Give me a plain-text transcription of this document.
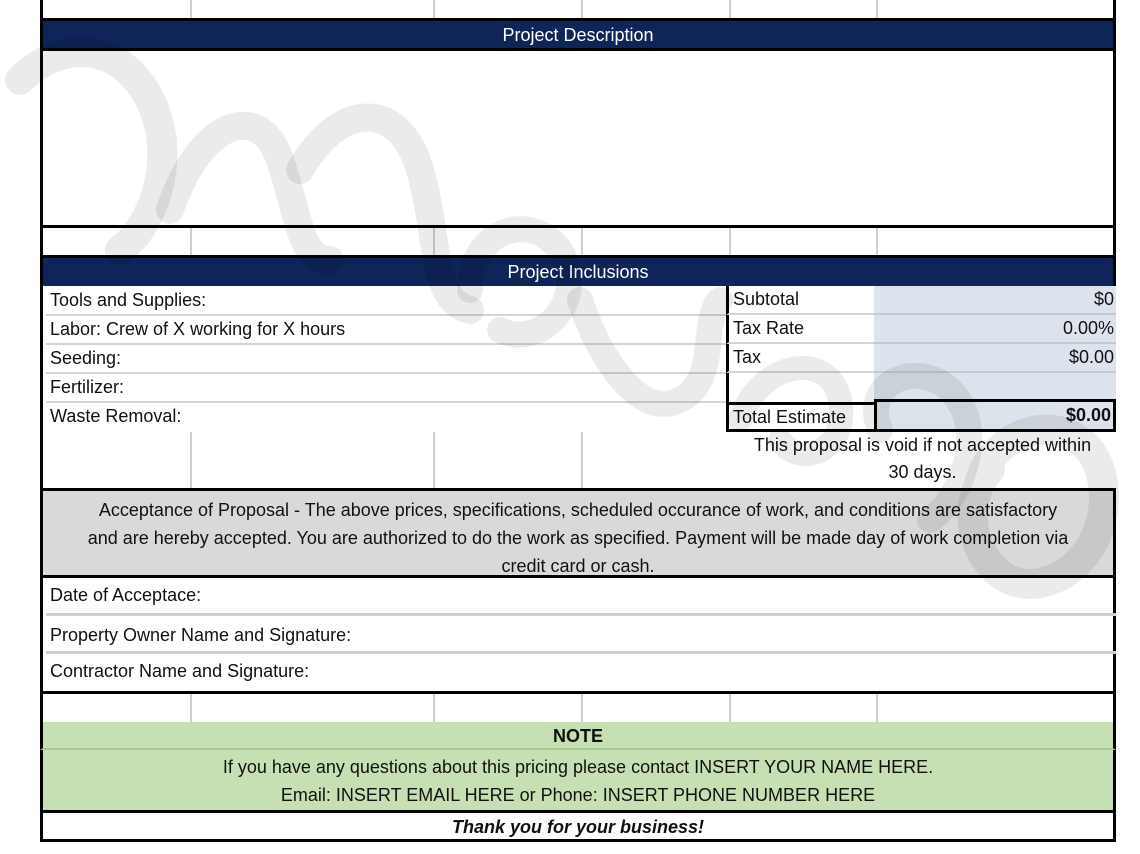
Project Description
Project Inclusions
Tools and Supplies:
Labor: Crew of X working for X hours
Seeding:
Fertilizer:
Waste Removal:
Subtotal
Tax Rate
Tax
Total Estimate
$0
0.00%
$0.00
$0.00
This proposal is void if not accepted within
30 days.
Acceptance of Proposal - The above prices, specifications, scheduled occurance of work, and conditions are satisfactory
and are hereby accepted. You are authorized to do the work as specified. Payment will be made day of work completion via
credit card or cash.
Date of Acceptace:
Property Owner Name and Signature:
Contractor Name and Signature:
NOTE
If you have any questions about this pricing please contact INSERT YOUR NAME HERE.
Email: INSERT EMAIL HERE or Phone: INSERT PHONE NUMBER HERE
Thank you for your business!
